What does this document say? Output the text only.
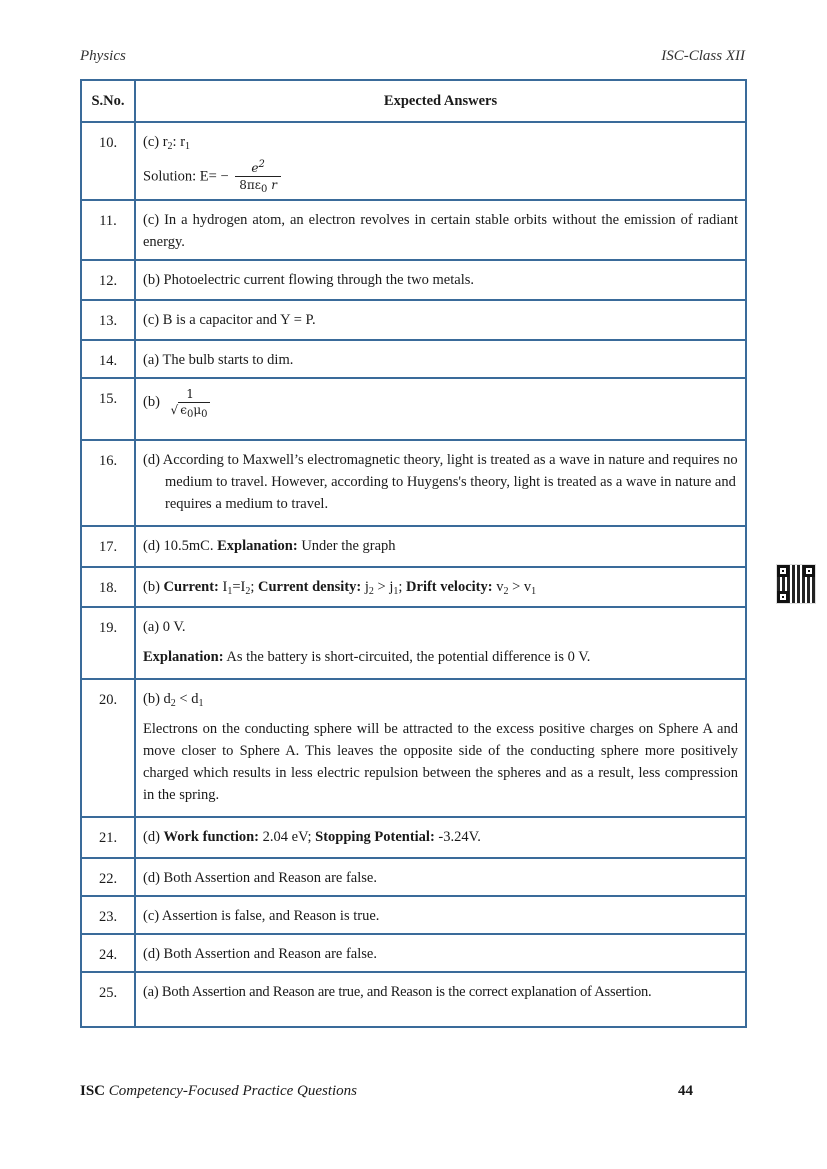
Physics	ISC-Class XII
S.No.	Expected Answers
10.	(c) $r_2$: $r_1$
Solution: $E= - \frac{e^2}{8\pi\varepsilon_0 r}$

11.	(c) In a hydrogen atom, an electron revolves in certain stable orbits without the emission of radiant energy.
12.	(b) Photoelectric current flowing through the two metals.
13.	(c) B is a capacitor and Y = P.
14.	(a) The bulb starts to dim.
15.	(b) 1
√ $\epsilon_0\mu_0$

16.	(d) According to Maxwell’s electromagnetic theory, light is treated as a wave in nature and requires no medium to travel. However, according to Huygens's theory, light is treated as a wave in nature and requires a medium to travel.

17.	(d) 10.5mC. Explanation: Under the graph
18.	(b) Current: $I_1=I_2$; Current density: $j_2 > j_1$; Drift velocity: $v_2 > v_1$
19.	(a) 0 V.
Explanation: As the battery is short-circuited, the potential difference is 0 V.

20.	(b) $d_2 < d_1$
Electrons on the conducting sphere will be attracted to the excess positive charges on Sphere A and move closer to Sphere A. This leaves the opposite side of the conducting sphere more positively charged which results in less electric repulsion between the spheres and as a result, less compression in the spring.

21.	(d) Work function: 2.04 eV; Stopping Potential: -3.24V.
22.	(d) Both Assertion and Reason are false.
23.	(c) Assertion is false, and Reason is true.
24.	(d) Both Assertion and Reason are false.
25.	(a) Both Assertion and Reason are true, and Reason is the correct explanation of Assertion.
ISC Competency-Focused Practice Questions	44
